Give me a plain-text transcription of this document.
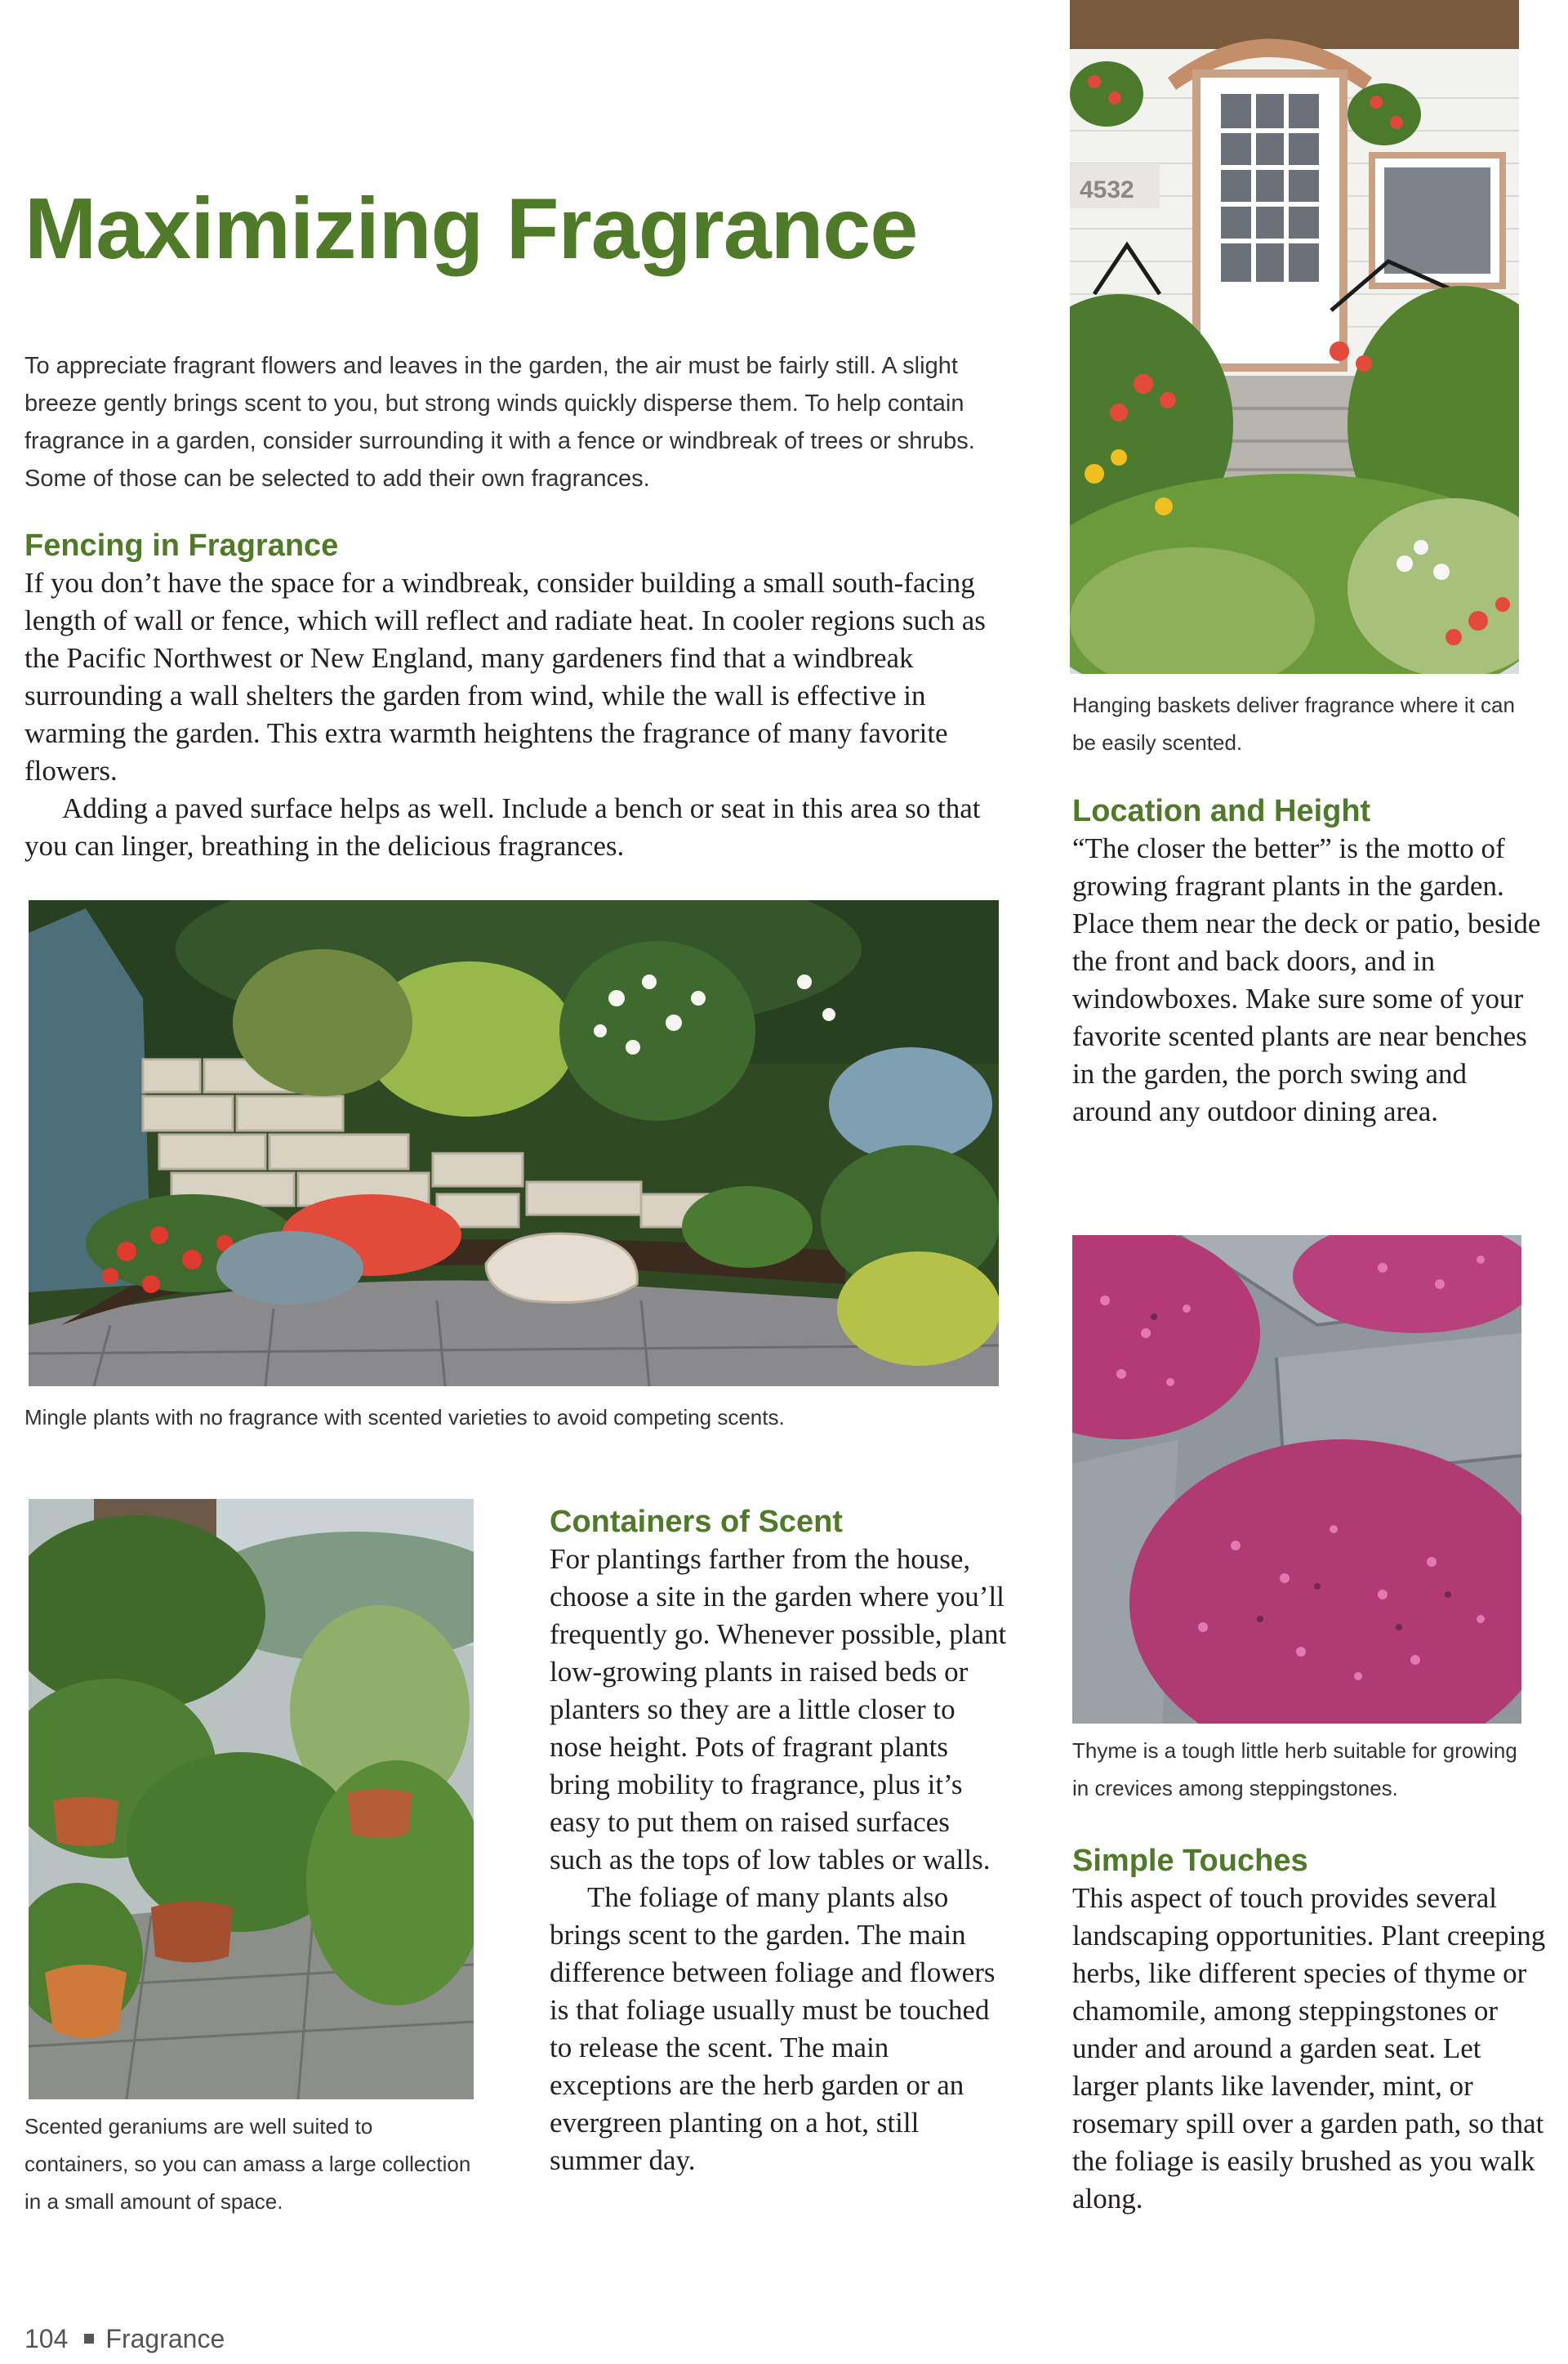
Maximizing Fragrance

To appreciate fragrant flowers and leaves in the garden, the air must be fairly still. A slight breeze gently brings scent to you, but strong winds quickly disperse them. To help contain fragrance in a garden, consider surrounding it with a fence or windbreak of trees or shrubs. Some of those can be selected to add their own fragrances.

Fencing in Fragrance

If you don’t have the space for a windbreak, consider building a small south-facing length of wall or fence, which will reflect and radiate heat. In cooler regions such as the Pacific Northwest or New England, many gardeners find that a windbreak surrounding a wall shelters the garden from wind, while the wall is effective in warming the garden. This extra warmth heightens the fragrance of many favorite flowers.

Adding a paved surface helps as well. Include a bench or seat in this area so that you can linger, breathing in the delicious fragrances.

4532

Hanging baskets deliver fragrance where it can be easily scented.

Location and Height

“The closer the better” is the motto of growing fragrant plants in the garden. Place them near the deck or patio, beside the front and back doors, and in windowboxes. Make sure some of your favorite scented plants are near benches in the garden, the porch swing and around any outdoor dining area.

Mingle plants with no fragrance with scented varieties to avoid competing scents.

Thyme is a tough little herb suitable for growing in crevices among steppingstones.

Scented geraniums are well suited to containers, so you can amass a large collection in a small amount of space.

Containers of Scent

For plantings farther from the house, choose a site in the garden where you’ll frequently go. Whenever possible, plant low-growing plants in raised beds or planters so they are a little closer to nose height. Pots of fragrant plants bring mobility to fragrance, plus it’s easy to put them on raised surfaces such as the tops of low tables or walls.

The foliage of many plants also brings scent to the garden. The main difference between foliage and flowers is that foliage usually must be touched to release the scent. The main exceptions are the herb garden or an evergreen planting on a hot, still summer day.

Simple Touches

This aspect of touch provides several landscaping opportunities. Plant creeping herbs, like different species of thyme or chamomile, among steppingstones or under and around a garden seat. Let larger plants like lavender, mint, or rosemary spill over a garden path, so that the foliage is easily brushed as you walk along.

104 Fragrance
